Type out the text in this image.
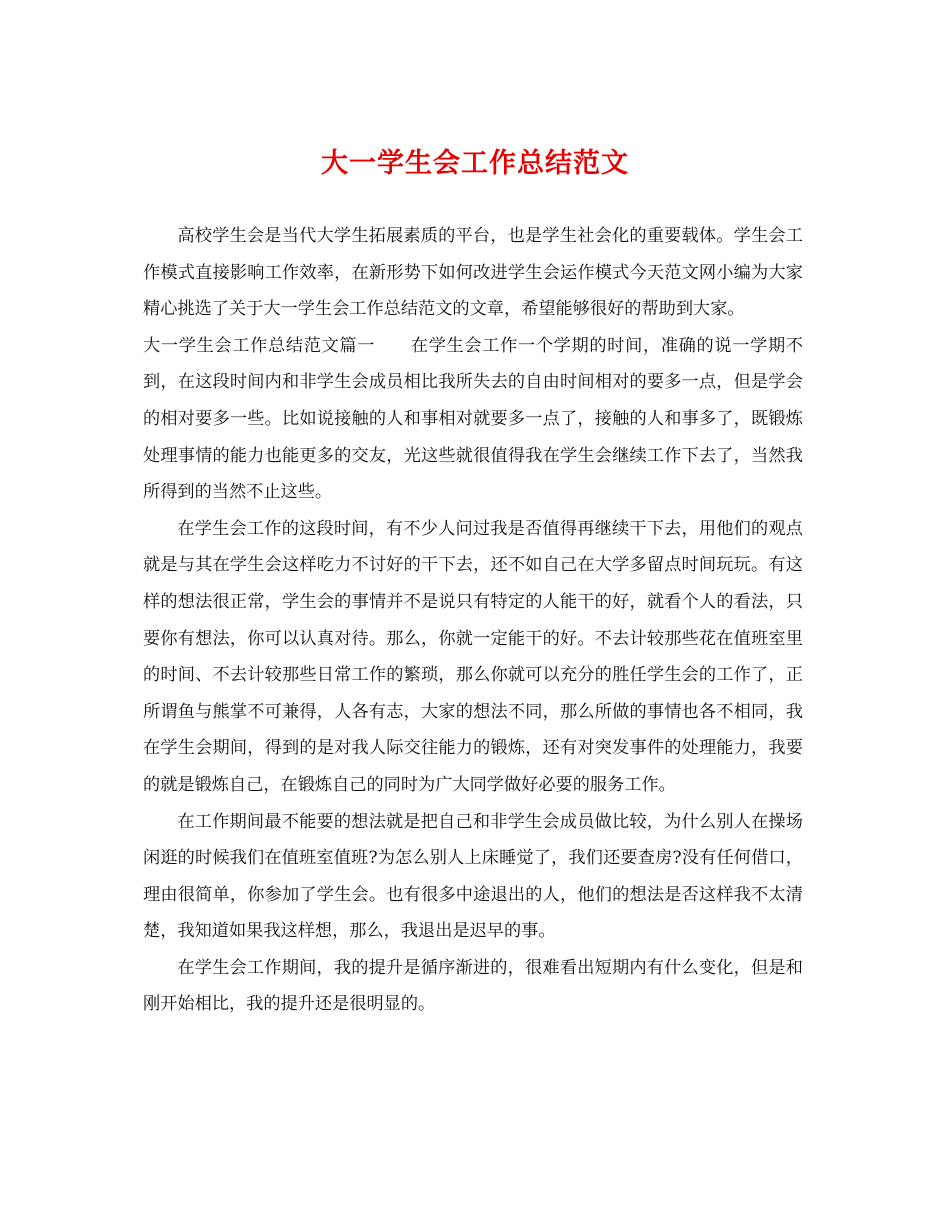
大一学生会工作总结范文

高校学生会是当代大学生拓展素质的平台，也是学生社会化的重要载体。学生会工作模式直接影响工作效率，在新形势下如何改进学生会运作模式今天范文网小编为大家精心挑选了关于大一学生会工作总结范文的文章，希望能够很好的帮助到大家。

大一学生会工作总结范文篇一　　 在学生会工作一个学期的时间，准确的说一学期不到，在这段时间内和非学生会成员相比我所失去的自由时间相对的要多一点，但是学会的相对要多一些。比如说接触的人和事相对就要多一点了，接触的人和事多了，既锻炼处理事情的能力也能更多的交友，光这些就很值得我在学生会继续工作下去了，当然我所得到的当然不止这些。

在学生会工作的这段时间，有不少人问过我是否值得再继续干下去，用他们的观点就是与其在学生会这样吃力不讨好的干下去，还不如自己在大学多留点时间玩玩。有这样的想法很正常，学生会的事情并不是说只有特定的人能干的好，就看个人的看法，只要你有想法，你可以认真对待。那么，你就一定能干的好。不去计较那些花在值班室里的时间、不去计较那些日常工作的繁琐，那么你就可以充分的胜任学生会的工作了，正所谓鱼与熊掌不可兼得，人各有志，大家的想法不同，那么所做的事情也各不相同，我在学生会期间，得到的是对我人际交往能力的锻炼，还有对突发事件的处理能力，我要的就是锻炼自己，在锻炼自己的同时为广大同学做好必要的服务工作。

在工作期间最不能要的想法就是把自己和非学生会成员做比较，为什么别人在操场闲逛的时候我们在值班室值班?为怎么别人上床睡觉了，我们还要查房?没有任何借口，理由很简单，你参加了学生会。也有很多中途退出的人，他们的想法是否这样我不太清楚，我知道如果我这样想，那么，我退出是迟早的事。

在学生会工作期间，我的提升是循序渐进的，很难看出短期内有什么变化，但是和刚开始相比，我的提升还是很明显的。
